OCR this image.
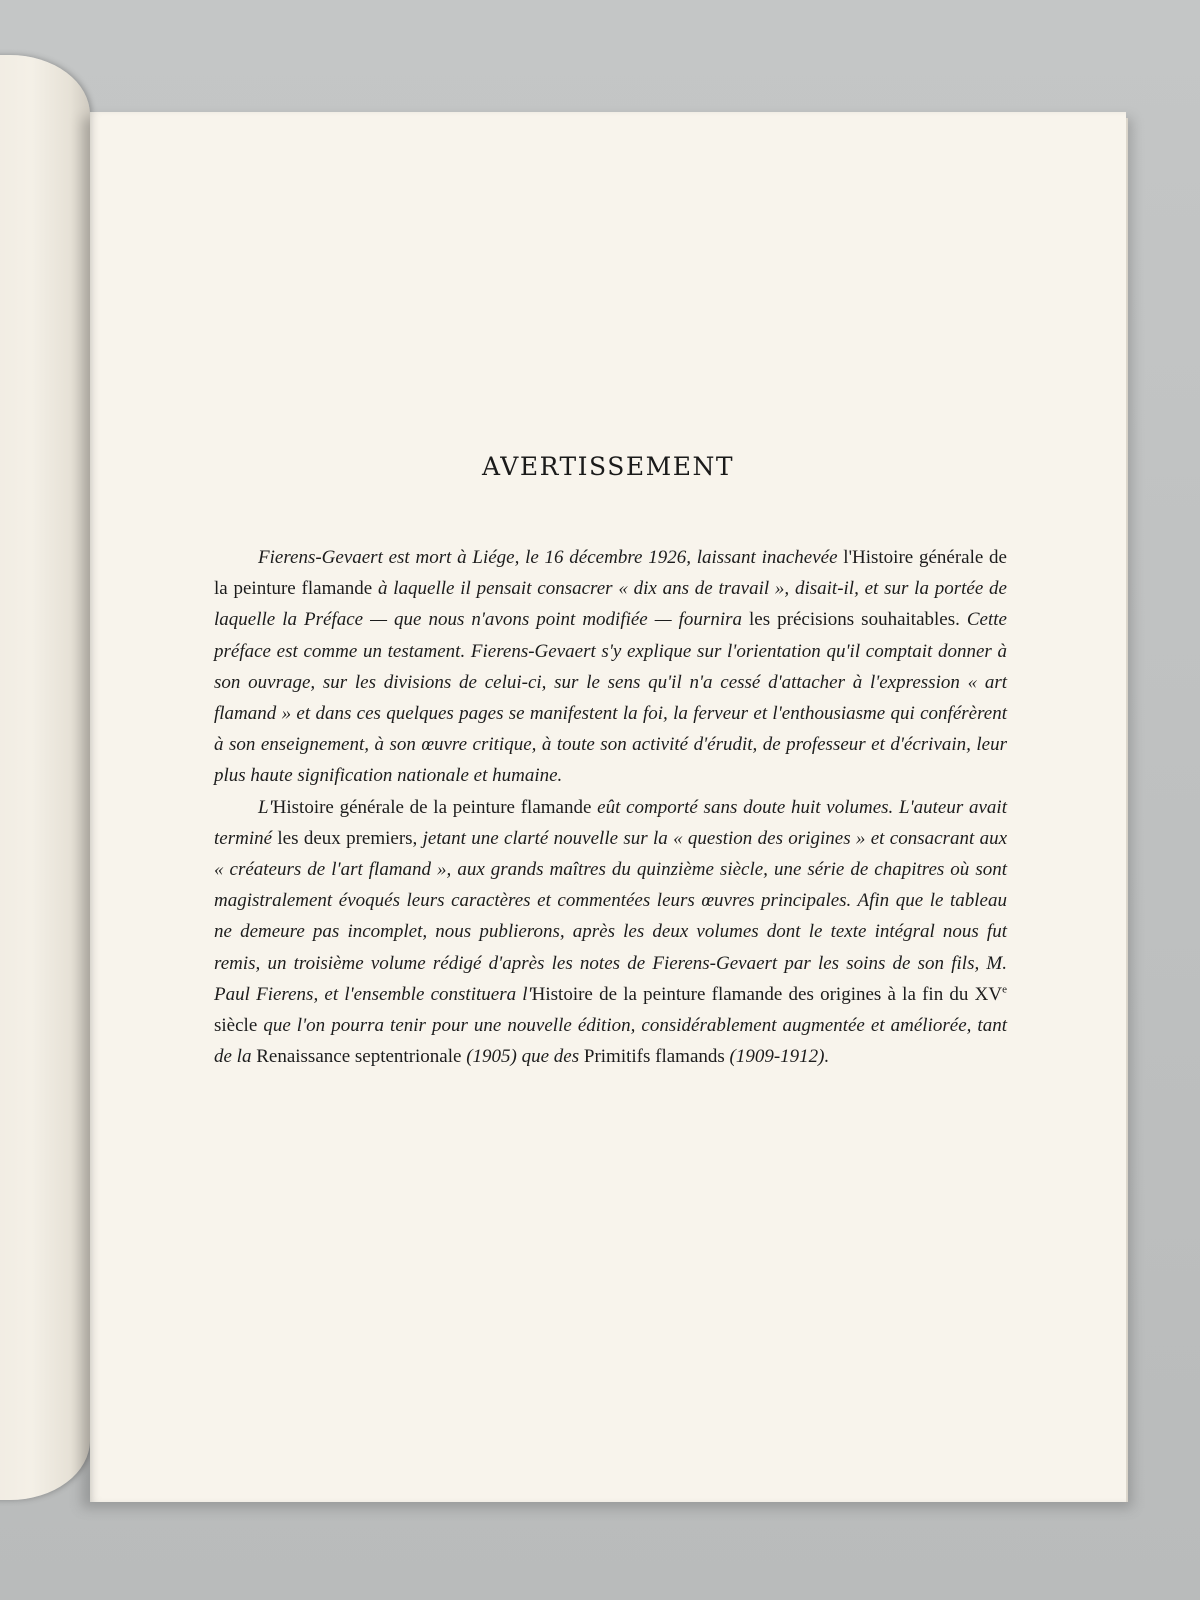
AVERTISSEMENT

Fierens-Gevaert est mort à Liége, le 16 décembre 1926, laissant inachevée l'Histoire générale de la peinture flamande à laquelle il pensait consacrer « dix ans de travail », disait-il, et sur la portée de laquelle la Préface — que nous n'avons point modifiée — fournira les précisions souhaitables. Cette préface est comme un testament. Fierens-Gevaert s'y explique sur l'orientation qu'il comptait donner à son ouvrage, sur les divisions de celui-ci, sur le sens qu'il n'a cessé d'attacher à l'expression « art flamand » et dans ces quelques pages se manifestent la foi, la ferveur et l'enthousiasme qui conférèrent à son enseignement, à son œuvre critique, à toute son activité d'érudit, de professeur et d'écrivain, leur plus haute signification nationale et humaine.

L'Histoire générale de la peinture flamande eût comporté sans doute huit volumes. L'auteur avait terminé les deux premiers, jetant une clarté nouvelle sur la « question des origines » et consacrant aux « créateurs de l'art flamand », aux grands maîtres du quinzième siècle, une série de chapitres où sont magistralement évoqués leurs caractères et commentées leurs œuvres principales. Afin que le tableau ne demeure pas incomplet, nous publierons, après les deux volumes dont le texte intégral nous fut remis, un troisième volume rédigé d'après les notes de Fierens-Gevaert par les soins de son fils, M. Paul Fierens, et l'ensemble constituera l'Histoire de la peinture flamande des origines à la fin du XVe siècle que l'on pourra tenir pour une nouvelle édition, considérablement augmentée et améliorée, tant de la Renaissance septentrionale (1905) que des Primitifs flamands (1909-1912).
